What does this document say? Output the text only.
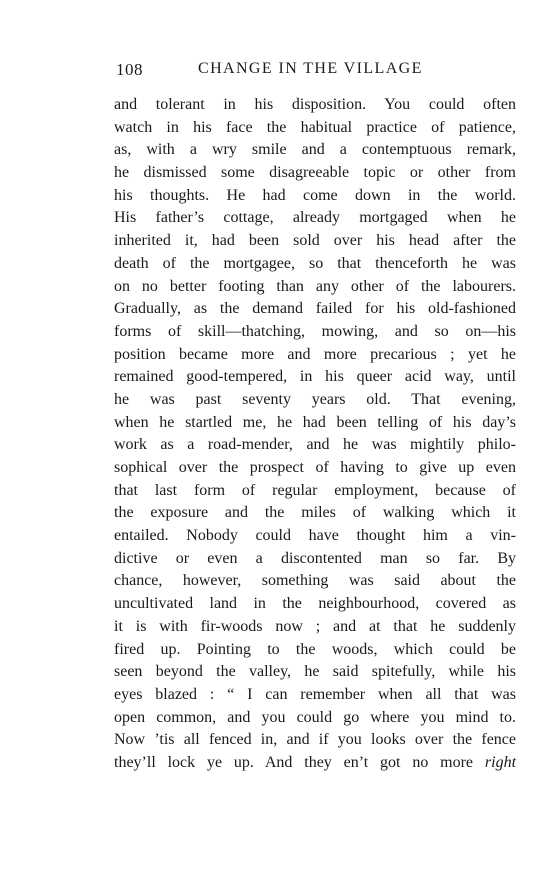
108	CHANGE IN THE VILLAGE
and tolerant in his disposition. You could often
watch in his face the habitual practice of patience,
as, with a wry smile and a contemptuous remark,
he dismissed some disagreeable topic or other from
his thoughts. He had come down in the world.
His father’s cottage, already mortgaged when he
inherited it, had been sold over his head after the
death of the mortgagee, so that thenceforth he was
on no better footing than any other of the labourers.
Gradually, as the demand failed for his old-fashioned
forms of skill—thatching, mowing, and so on—his
position became more and more precarious ; yet he
remained good-tempered, in his queer acid way, until
he was past seventy years old. That evening,
when he startled me, he had been telling of his day’s
work as a road-mender, and he was mightily philo-
sophical over the prospect of having to give up even
that last form of regular employment, because of
the exposure and the miles of walking which it
entailed. Nobody could have thought him a vin-
dictive or even a discontented man so far. By
chance, however, something was said about the
uncultivated land in the neighbourhood, covered as
it is with fir-woods now ; and at that he suddenly
fired up. Pointing to the woods, which could be
seen beyond the valley, he said spitefully, while his
eyes blazed : “ I can remember when all that was
open common, and you could go where you mind to.
Now ’tis all fenced in, and if you looks over the fence
they’ll lock ye up. And they en’t got no more right
